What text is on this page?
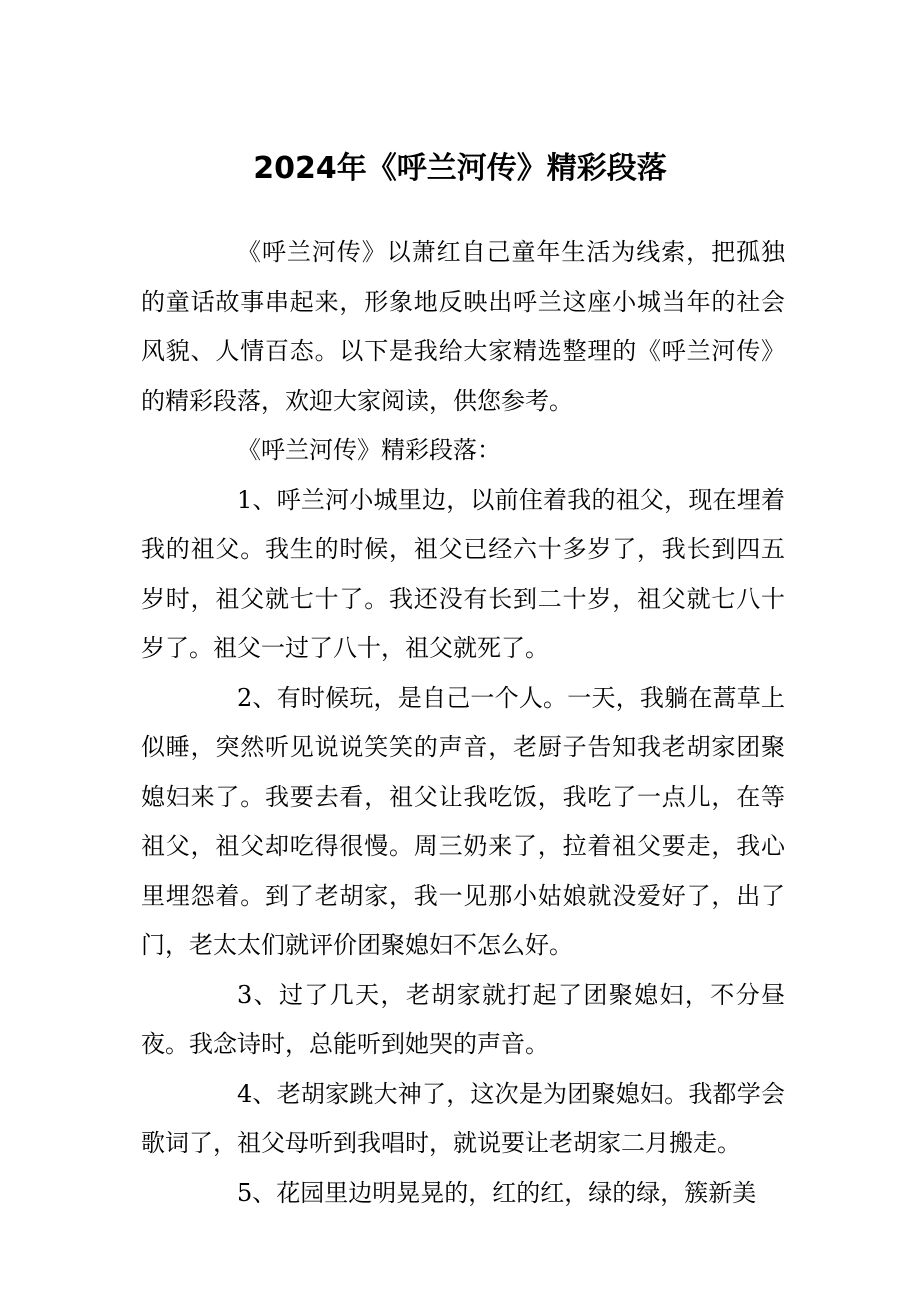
2024年《呼兰河传》精彩段落

《呼兰河传》以萧红自己童年生活为线索，把孤独的童话故事串起来，形象地反映出呼兰这座小城当年的社会风貌、人情百态。以下是我给大家精选整理的《呼兰河传》的精彩段落，欢迎大家阅读，供您参考。

《呼兰河传》精彩段落：

1、呼兰河小城里边，以前住着我的祖父，现在埋着我的祖父。我生的时候，祖父已经六十多岁了，我长到四五岁时，祖父就七十了。我还没有长到二十岁，祖父就七八十岁了。祖父一过了八十，祖父就死了。

2、有时候玩，是自己一个人。一天，我躺在蒿草上似睡，突然听见说说笑笑的声音，老厨子告知我老胡家团聚媳妇来了。我要去看，祖父让我吃饭，我吃了一点儿，在等祖父，祖父却吃得很慢。周三奶来了，拉着祖父要走，我心里埋怨着。到了老胡家，我一见那小姑娘就没爱好了，出了门，老太太们就评价团聚媳妇不怎么好。

3、过了几天，老胡家就打起了团聚媳妇，不分昼夜。我念诗时，总能听到她哭的声音。

4、老胡家跳大神了，这次是为团聚媳妇。我都学会歌词了，祖父母听到我唱时，就说要让老胡家二月搬走。

5、花园里边明晃晃的，红的红，绿的绿，簇新美
